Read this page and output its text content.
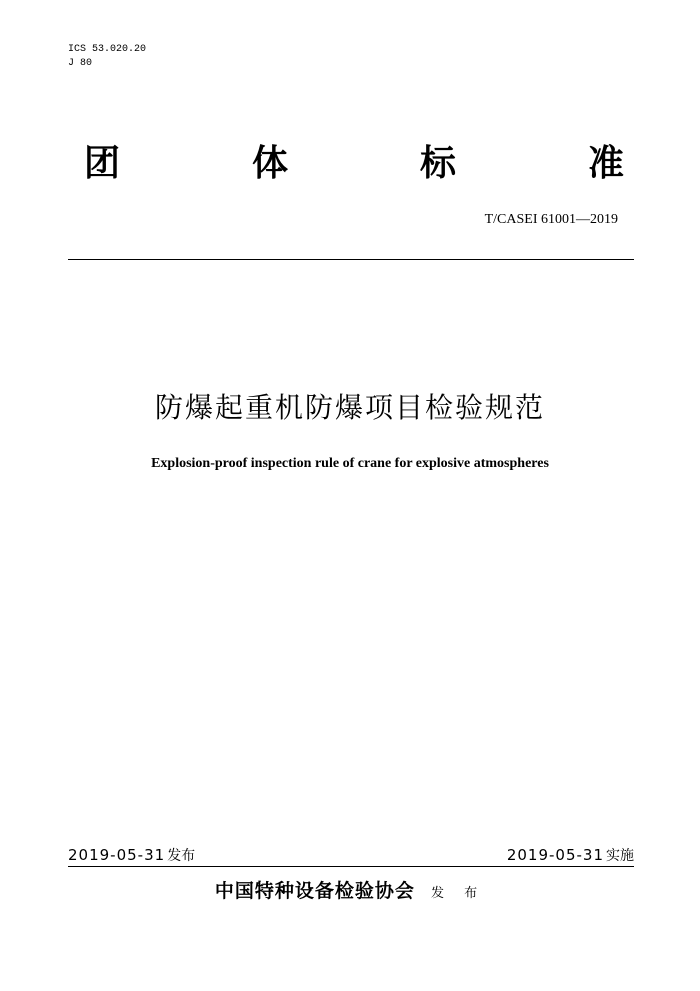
ICS 53.020.20

J 80

团	体	标	准

T/CASEI 61001—2019

防爆起重机防爆项目检验规范

Explosion-proof inspection rule of crane for explosive atmospheres

2019-05-31 发布	2019-05-31 实施
中国特种设备检验协会 发 布
